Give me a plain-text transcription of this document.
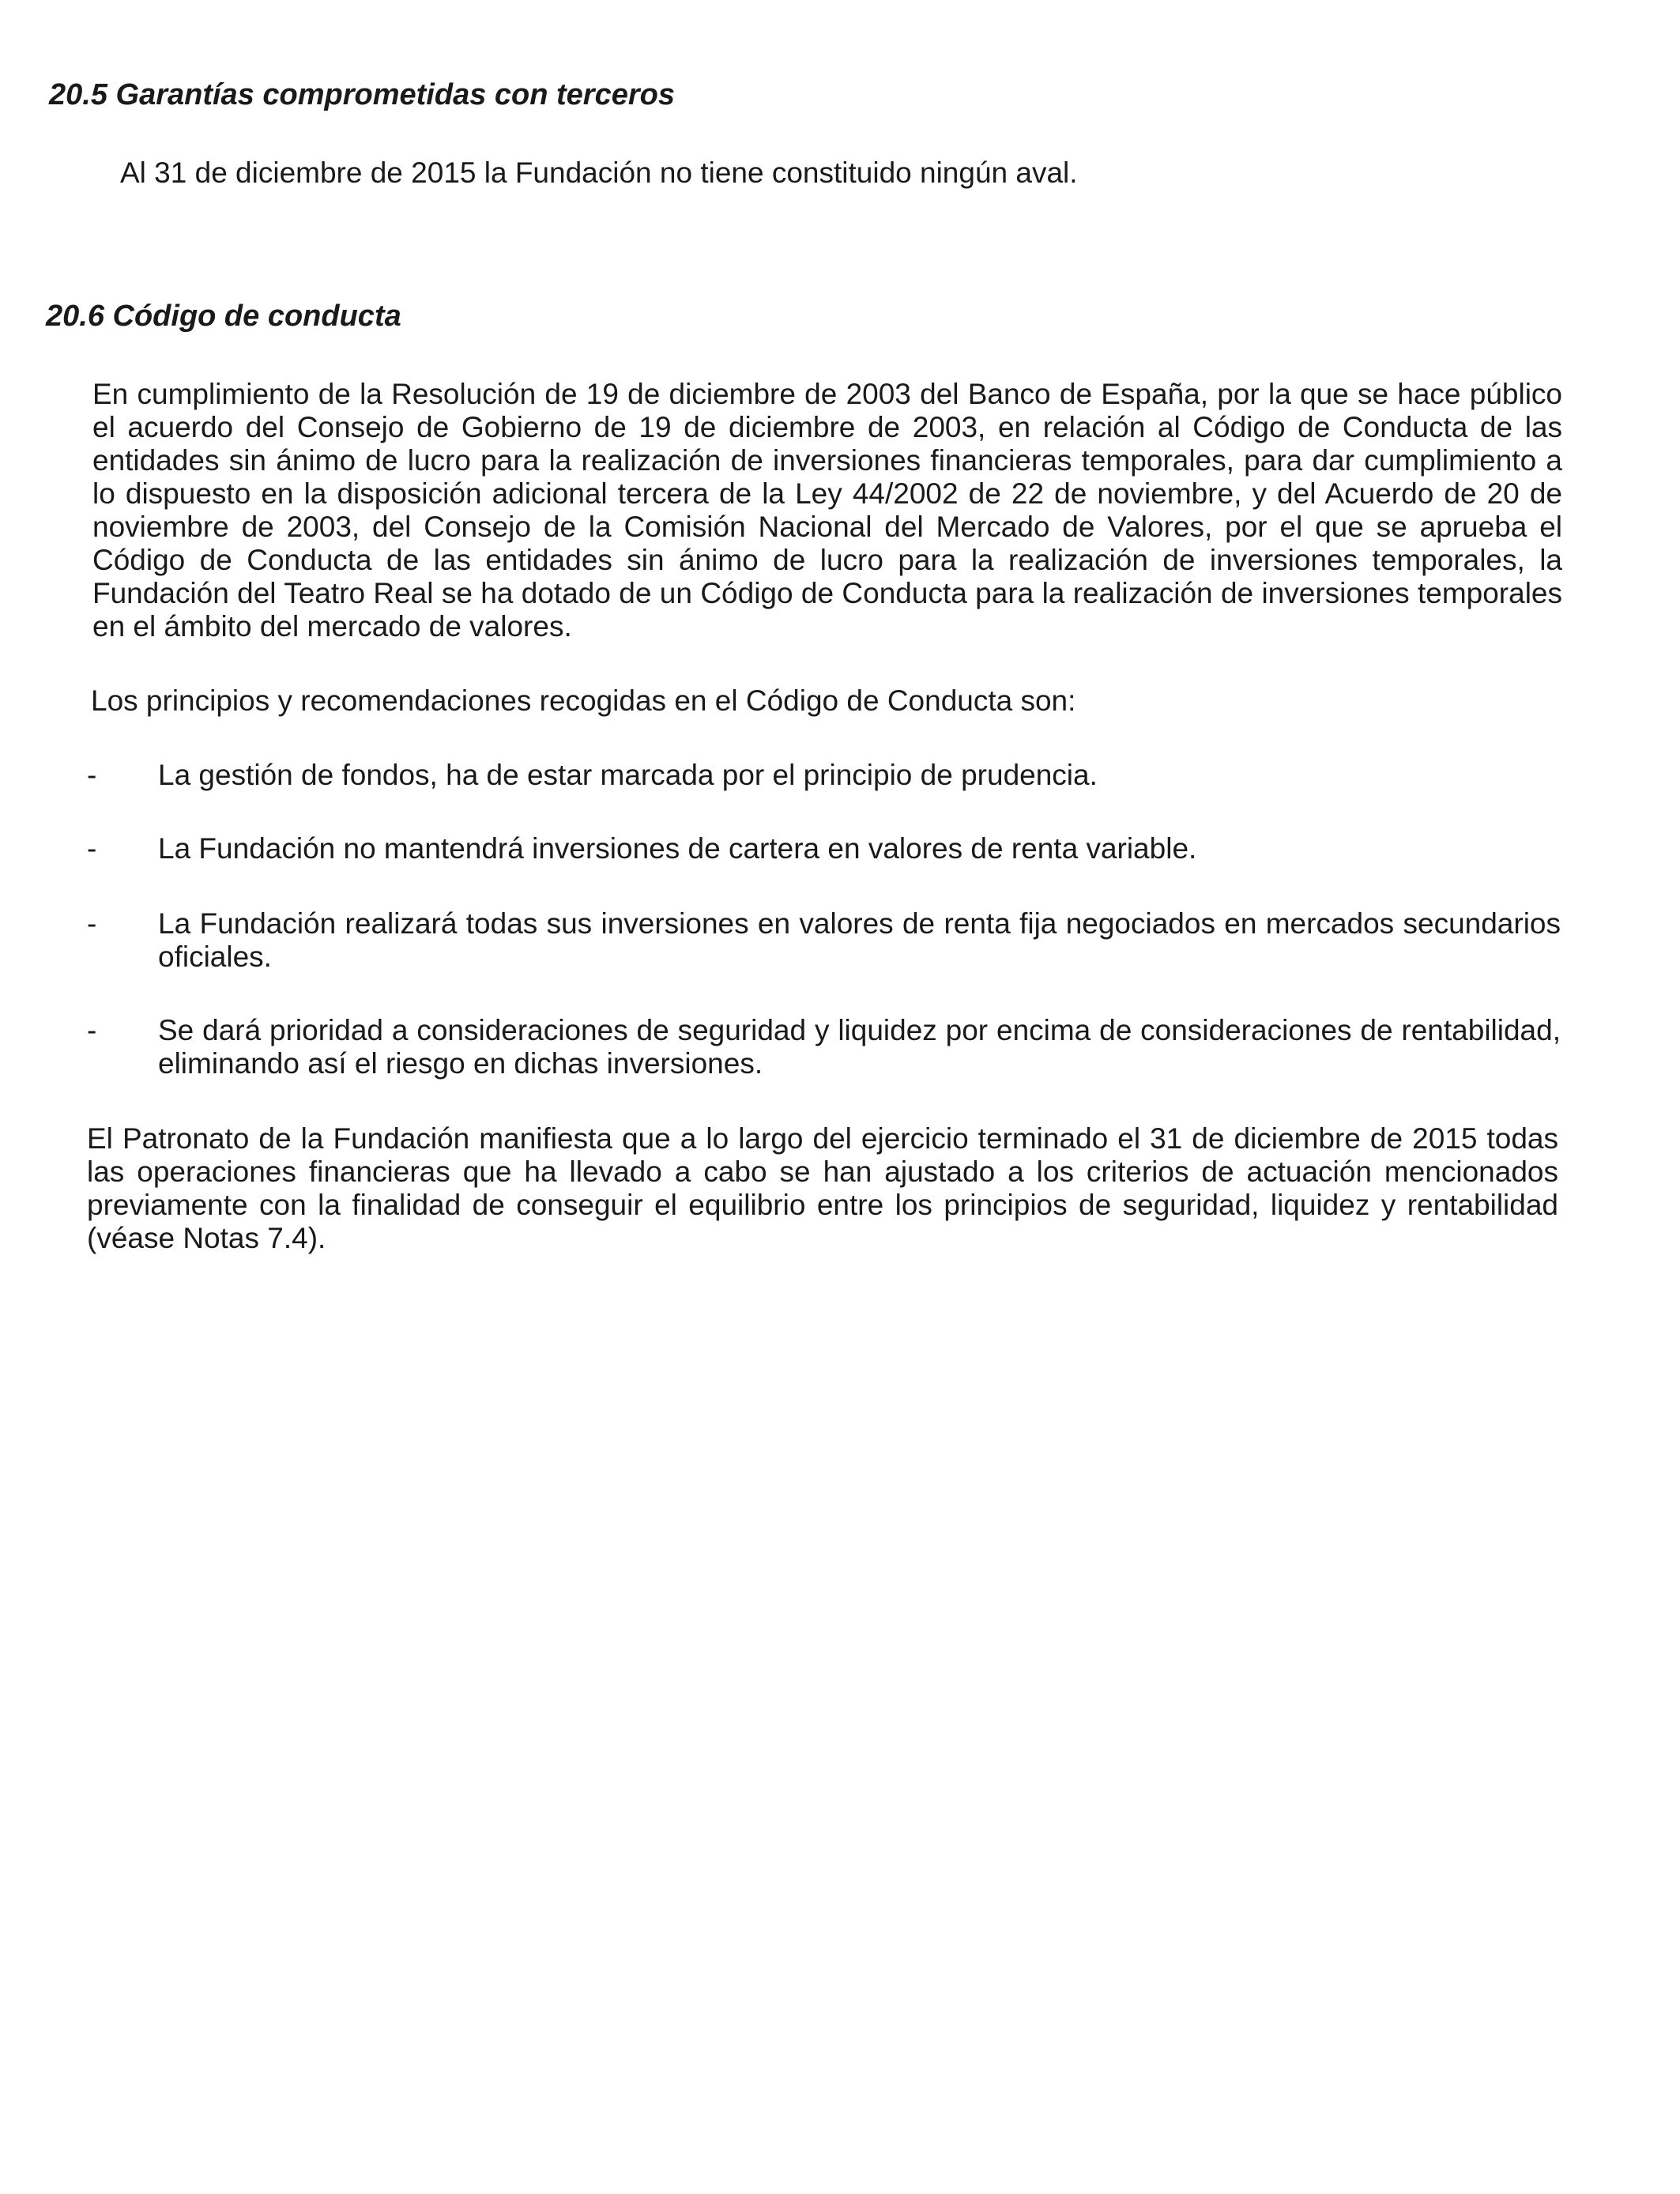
20.5 Garantías comprometidas con terceros

Al 31 de diciembre de 2015 la Fundación no tiene constituido ningún aval.

20.6 Código de conducta

En cumplimiento de la Resolución de 19 de diciembre de 2003 del Banco de España, por la que se hace público el acuerdo del Consejo de Gobierno de 19 de diciembre de 2003, en relación al Código de Conducta de las entidades sin ánimo de lucro para la realización de inversiones financieras temporales, para dar cumplimiento a lo dispuesto en la disposición adicional tercera de la Ley 44/2002 de 22 de noviembre, y del Acuerdo de 20 de noviembre de 2003, del Consejo de la Comisión Nacional del Mercado de Valores, por el que se aprueba el Código de Conducta de las entidades sin ánimo de lucro para la realización de inversiones temporales, la Fundación del Teatro Real se ha dotado de un Código de Conducta para la realización de inversiones temporales en el ámbito del mercado de valores.

Los principios y recomendaciones recogidas en el Código de Conducta son:

- La gestión de fondos, ha de estar marcada por el principio de prudencia.
- La Fundación no mantendrá inversiones de cartera en valores de renta variable.
- La Fundación realizará todas sus inversiones en valores de renta fija negociados en mercados secundarios oficiales.
- Se dará prioridad a consideraciones de seguridad y liquidez por encima de consideraciones de rentabilidad, eliminando así el riesgo en dichas inversiones.

El Patronato de la Fundación manifiesta que a lo largo del ejercicio terminado el 31 de diciembre de 2015 todas las operaciones financieras que ha llevado a cabo se han ajustado a los criterios de actuación mencionados previamente con la finalidad de conseguir el equilibrio entre los principios de seguridad, liquidez y rentabilidad (véase Notas 7.4).
